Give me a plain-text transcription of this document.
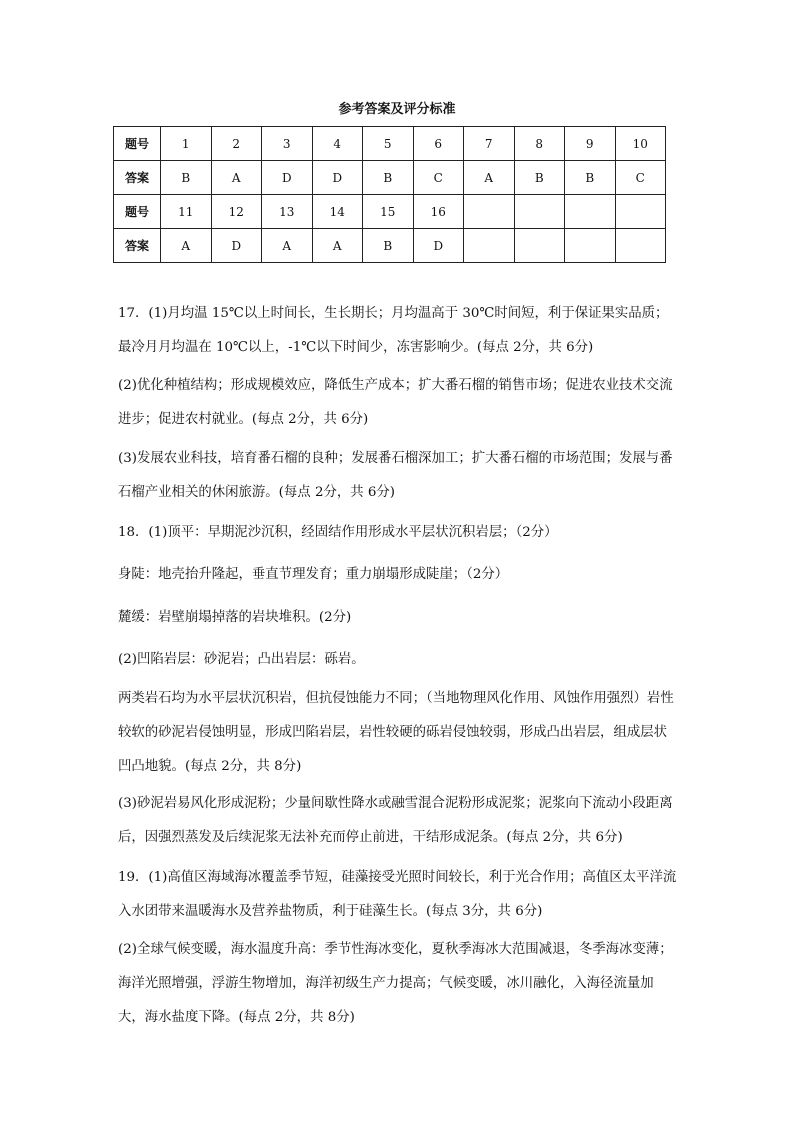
参考答案及评分标准
题号	1	2	3	4	5	6	7	8	9	10
答案	B	A	D	D	B	C	A	B	B	C
题号	11	12	13	14	15	16				
答案	A	D	A	A	B	D				

17．(1)月均温 15℃以上时间长，生长期长；月均温高于 30℃时间短，利于保证果实品质；最冷月月均温在 10℃以上，-1℃以下时间少，冻害影响少。(每点 2分，共 6分)

(2)优化种植结构；形成规模效应，降低生产成本；扩大番石榴的销售市场；促进农业技术交流进步；促进农村就业。(每点 2分，共 6分)

(3)发展农业科技，培育番石榴的良种；发展番石榴深加工；扩大番石榴的市场范围；发展与番石榴产业相关的休闲旅游。(每点 2分，共 6分)

18．(1)顶平：早期泥沙沉积，经固结作用形成水平层状沉积岩层；（2分）

身陡：地壳抬升隆起，垂直节理发育；重力崩塌形成陡崖；（2分）

麓缓：岩壁崩塌掉落的岩块堆积。(2分)

(2)凹陷岩层：砂泥岩；凸出岩层：砾岩。

两类岩石均为水平层状沉积岩，但抗侵蚀能力不同；（当地物理风化作用、风蚀作用强烈）岩性较软的砂泥岩侵蚀明显，形成凹陷岩层，岩性较硬的砾岩侵蚀较弱，形成凸出岩层，组成层状凹凸地貌。(每点 2分，共 8分)

(3)砂泥岩易风化形成泥粉；少量间歇性降水或融雪混合泥粉形成泥浆；泥浆向下流动小段距离后，因强烈蒸发及后续泥浆无法补充而停止前进，干结形成泥条。(每点 2分，共 6分)

19．(1)高值区海域海冰覆盖季节短，硅藻接受光照时间较长，利于光合作用；高值区太平洋流入水团带来温暖海水及营养盐物质，利于硅藻生长。(每点 3分，共 6分)

(2)全球气候变暖，海水温度升高：季节性海冰变化，夏秋季海冰大范围减退，冬季海冰变薄；海洋光照增强，浮游生物增加，海洋初级生产力提高；气候变暖，冰川融化，入海径流量加大，海水盐度下降。(每点 2分，共 8分)
